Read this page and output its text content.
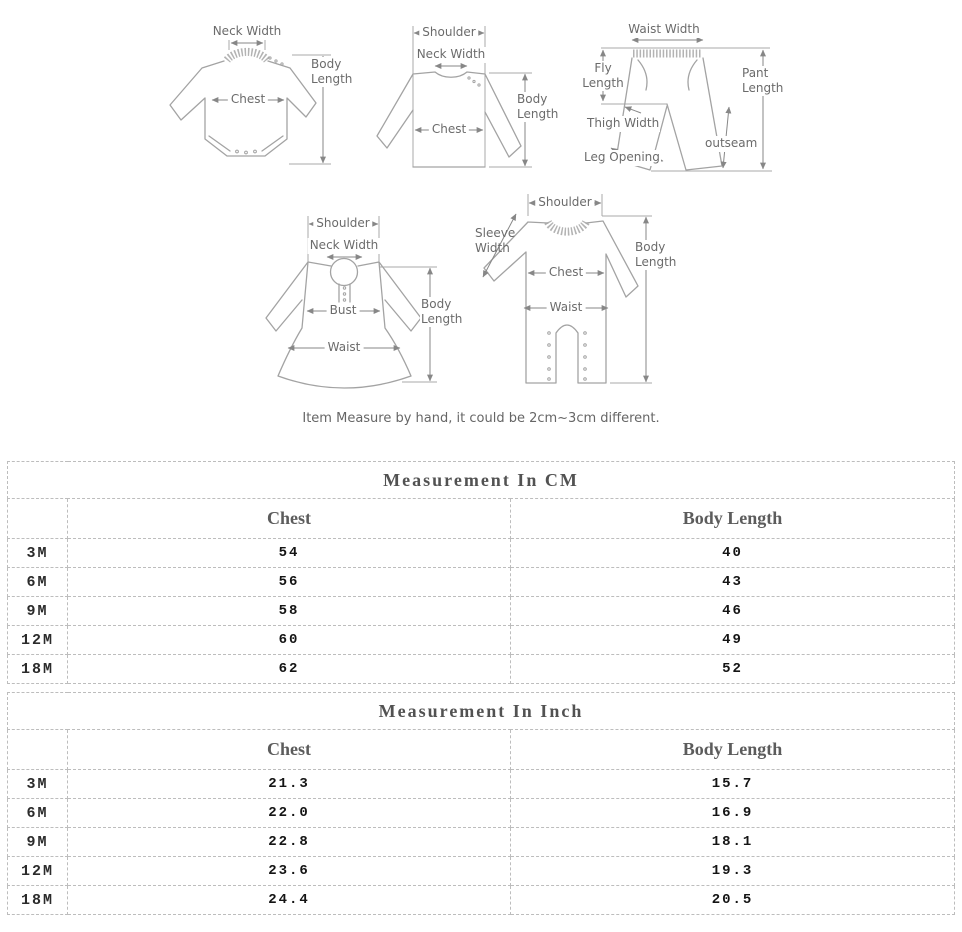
Neck Width
Chest
Body Length
Shoulder
Neck Width
Chest
Body Length
Waist Width
Fly Length
Pant Length
Thigh Width
outseam
Leg Opening
Shoulder
Neck Width
Bust
Waist
Body Length
Shoulder
Sleeve Width
Chest
Waist
Body Length
Item Measure by hand, it could be 2cm~3cm different.
Measurement In CM		
	Chest	Body Length
3M	54	40
6M	56	43
9M	58	46
12M	60	49
18M	62	52
Measurement In Inch		
	Chest	Body Length
3M	21.3	15.7
6M	22.0	16.9
9M	22.8	18.1
12M	23.6	19.3
18M	24.4	20.5
